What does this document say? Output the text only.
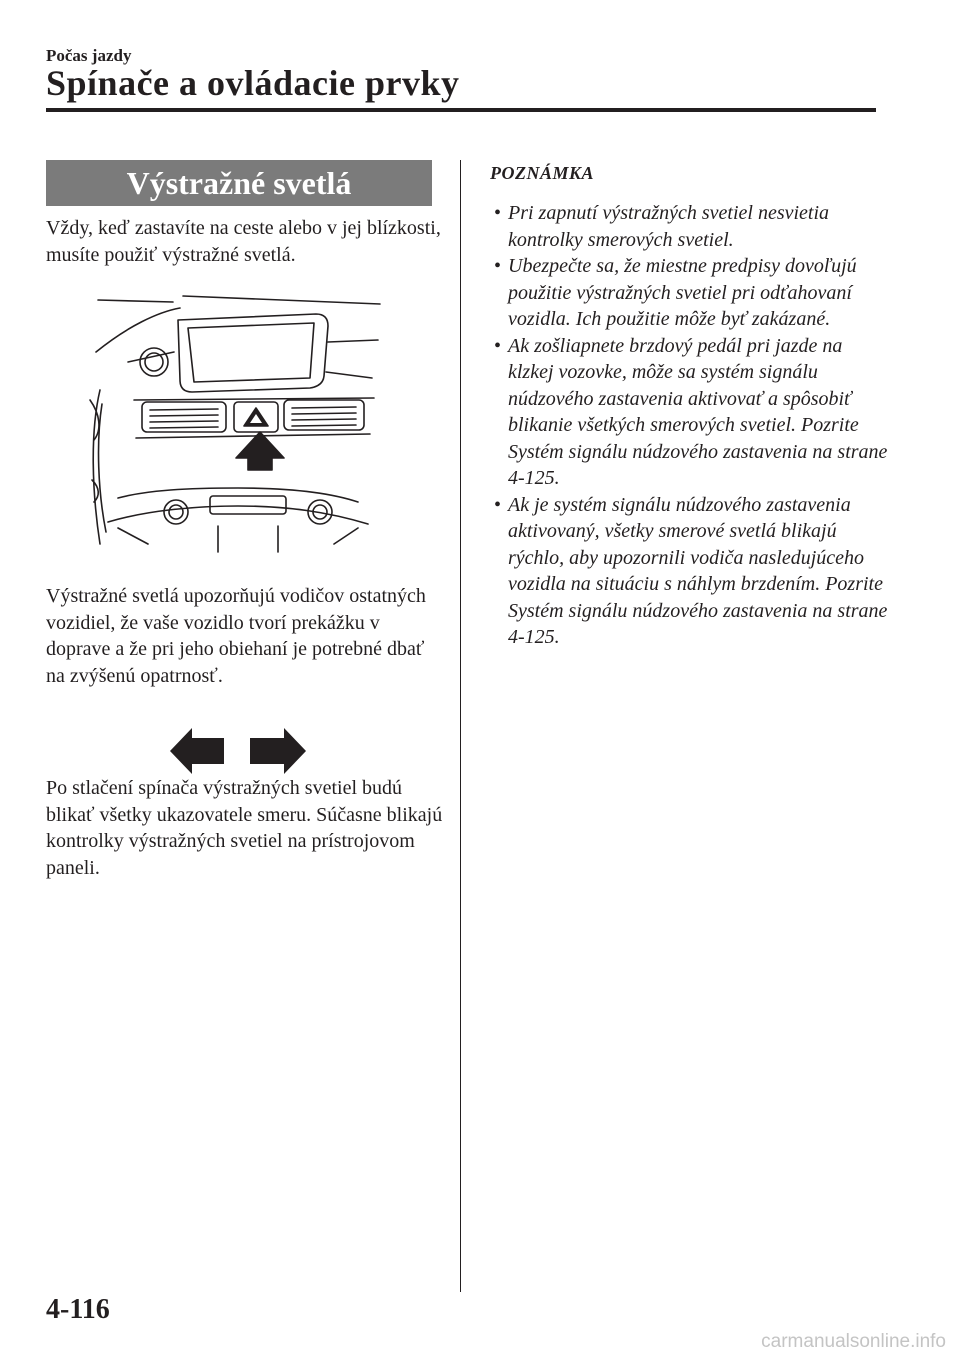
Počas jazdy
Spínače a ovládacie prvky
Výstražné svetlá
Vždy, keď zastavíte na ceste alebo v jej blízkosti, musíte použiť výstražné svetlá.
Výstražné svetlá upozorňujú vodičov ostatných vozidiel, že vaše vozidlo tvorí prekážku v doprave a že pri jeho obiehaní je potrebné dbať na zvýšenú opatrnosť.
Po stlačení spínača výstražných svetiel budú blikať všetky ukazovatele smeru. Súčasne blikajú kontrolky výstražných svetiel na prístrojovom paneli.
POZNÁMKA
• Pri zapnutí výstražných svetiel nesvietia kontrolky smerových svetiel.
• Ubezpečte sa, že miestne predpisy dovoľujú použitie výstražných svetiel pri odťahovaní vozidla. Ich použitie môže byť zakázané.
• Ak zošliapnete brzdový pedál pri jazde na klzkej vozovke, môže sa systém signálu núdzového zastavenia aktivovať a spôsobiť blikanie všetkých smerových svetiel. Pozrite Systém signálu núdzového zastavenia na strane 4-125.
• Ak je systém signálu núdzového zastavenia aktivovaný, všetky smerové svetlá blikajú rýchlo, aby upozornili vodiča nasledujúceho vozidla na situáciu s náhlym brzdením. Pozrite Systém signálu núdzového zastavenia na strane 4-125.
4-116
carmanualsonline.info
